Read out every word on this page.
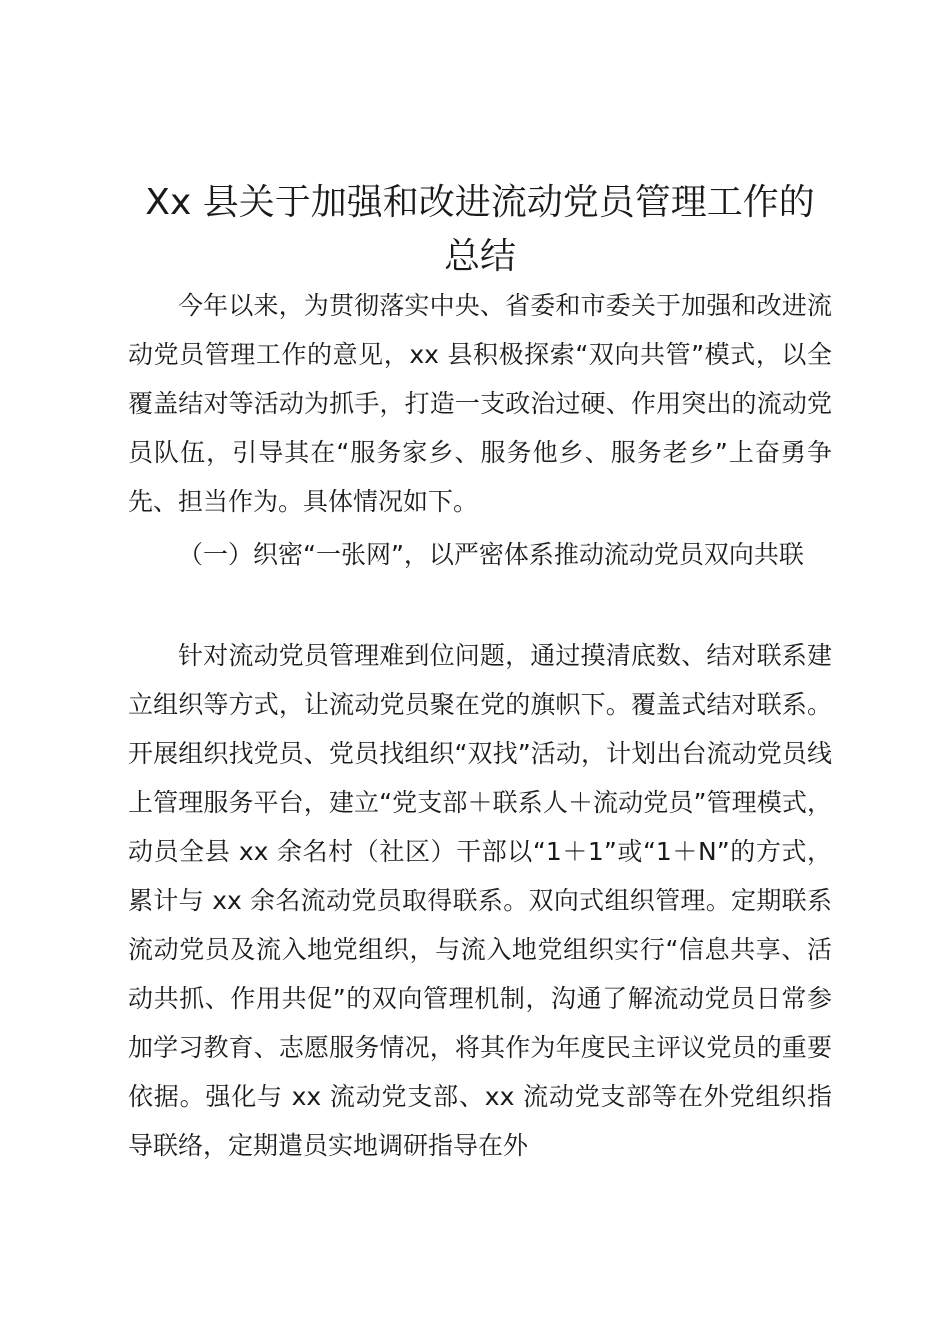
Xx 县关于加强和改进流动党员管理工作的总结

今年以来，为贯彻落实中央、省委和市委关于加强和改进流动党员管理工作的意见，xx 县积极探索“双向共管”模式，以全覆盖结对等活动为抓手，打造一支政治过硬、作用突出的流动党员队伍，引导其在“服务家乡、服务他乡、服务老乡”上奋勇争先、担当作为。具体情况如下。

（一）织密“一张网”，以严密体系推动流动党员双向共联

针对流动党员管理难到位问题，通过摸清底数、结对联系建立组织等方式，让流动党员聚在党的旗帜下。覆盖式结对联系。开展组织找党员、党员找组织“双找”活动，计划出台流动党员线上管理服务平台，建立“党支部＋联系人＋流动党员”管理模式，动员全县 xx 余名村（社区）干部以“1＋1”或“1＋N”的方式，累计与 xx 余名流动党员取得联系。双向式组织管理。定期联系流动党员及流入地党组织，与流入地党组织实行“信息共享、活动共抓、作用共促”的双向管理机制，沟通了解流动党员日常参加学习教育、志愿服务情况，将其作为年度民主评议党员的重要依据。强化与 xx 流动党支部、xx 流动党支部等在外党组织指导联络，定期遣员实地调研指导在外
